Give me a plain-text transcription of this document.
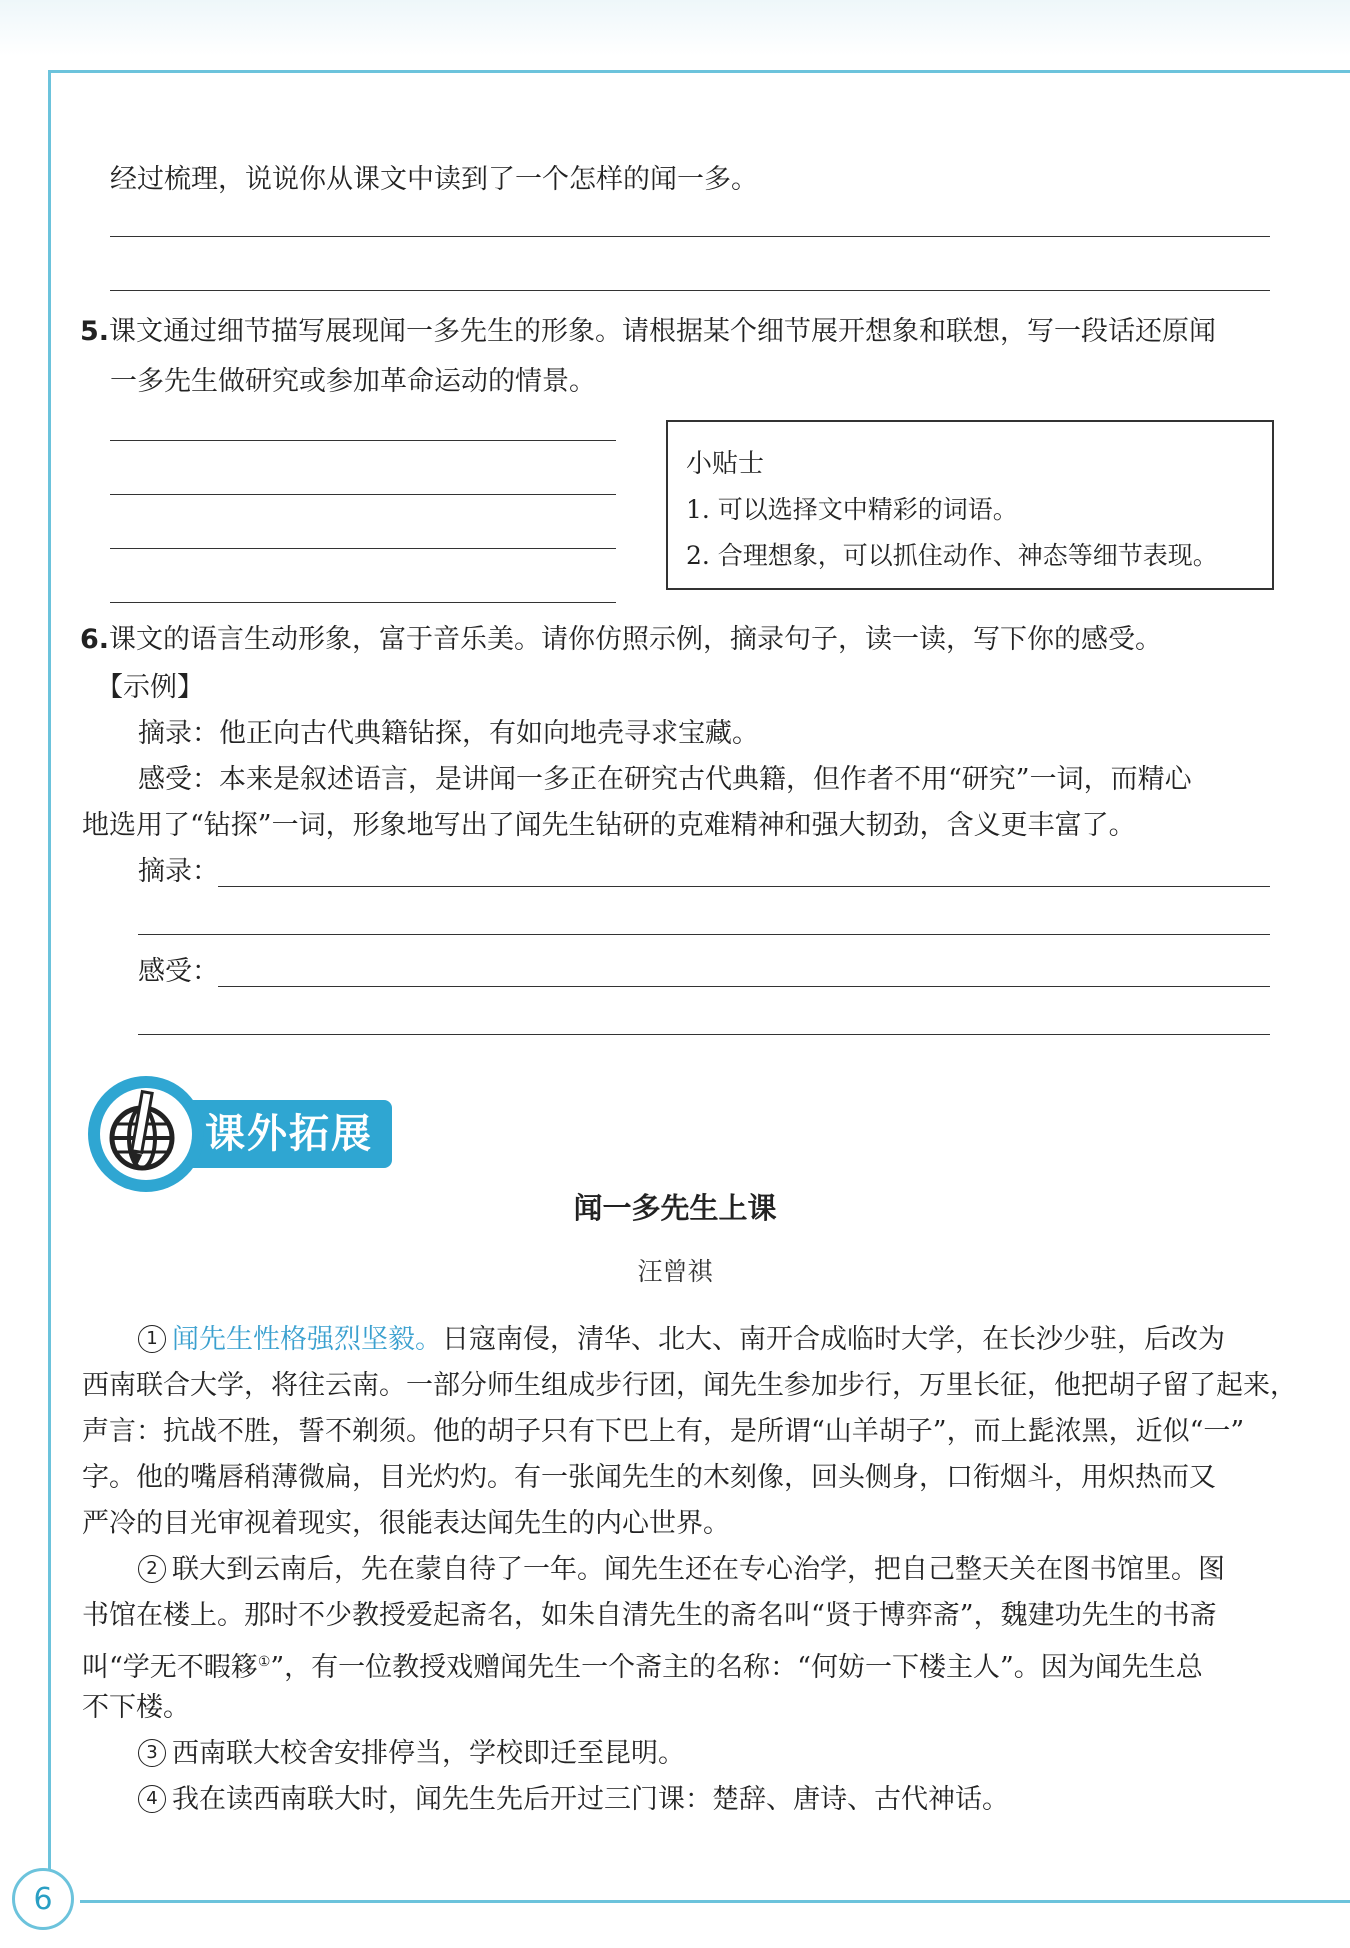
6
经过梳理，说说你从课文中读到了一个怎样的闻一多。
5.课文通过细节描写展现闻一多先生的形象。请根据某个细节展开想象和联想，写一段话还原闻
一多先生做研究或参加革命运动的情景。
小贴士
1. 可以选择文中精彩的词语。
2. 合理想象，可以抓住动作、神态等细节表现。
6.课文的语言生动形象，富于音乐美。请你仿照示例，摘录句子，读一读，写下你的感受。
【示例】
摘录：他正向古代典籍钻探，有如向地壳寻求宝藏。
感受：本来是叙述语言，是讲闻一多正在研究古代典籍，但作者不用“研究”一词，而精心
地选用了“钻探”一词，形象地写出了闻先生钻研的克难精神和强大韧劲，含义更丰富了。
摘录：
感受：
课外拓展
闻一多先生上课
汪曾祺
1 闻先生性格强烈坚毅。日寇南侵，清华、北大、南开合成临时大学，在长沙少驻，后改为
西南联合大学，将往云南。一部分师生组成步行团，闻先生参加步行，万里长征，他把胡子留了起来，
声言：抗战不胜，誓不剃须。他的胡子只有下巴上有，是所谓“山羊胡子”，而上髭浓黑，近似“一”
字。他的嘴唇稍薄微扁，目光灼灼。有一张闻先生的木刻像，回头侧身，口衔烟斗，用炽热而又
严冷的目光审视着现实，很能表达闻先生的内心世界。
2 联大到云南后，先在蒙自待了一年。闻先生还在专心治学，把自己整天关在图书馆里。图
书馆在楼上。那时不少教授爱起斋名，如朱自清先生的斋名叫“贤于博弈斋”，魏建功先生的书斋
叫“学无不暇簃①”，有一位教授戏赠闻先生一个斋主的名称：“何妨一下楼主人”。因为闻先生总
不下楼。
3 西南联大校舍安排停当，学校即迁至昆明。
4 我在读西南联大时，闻先生先后开过三门课：楚辞、唐诗、古代神话。
